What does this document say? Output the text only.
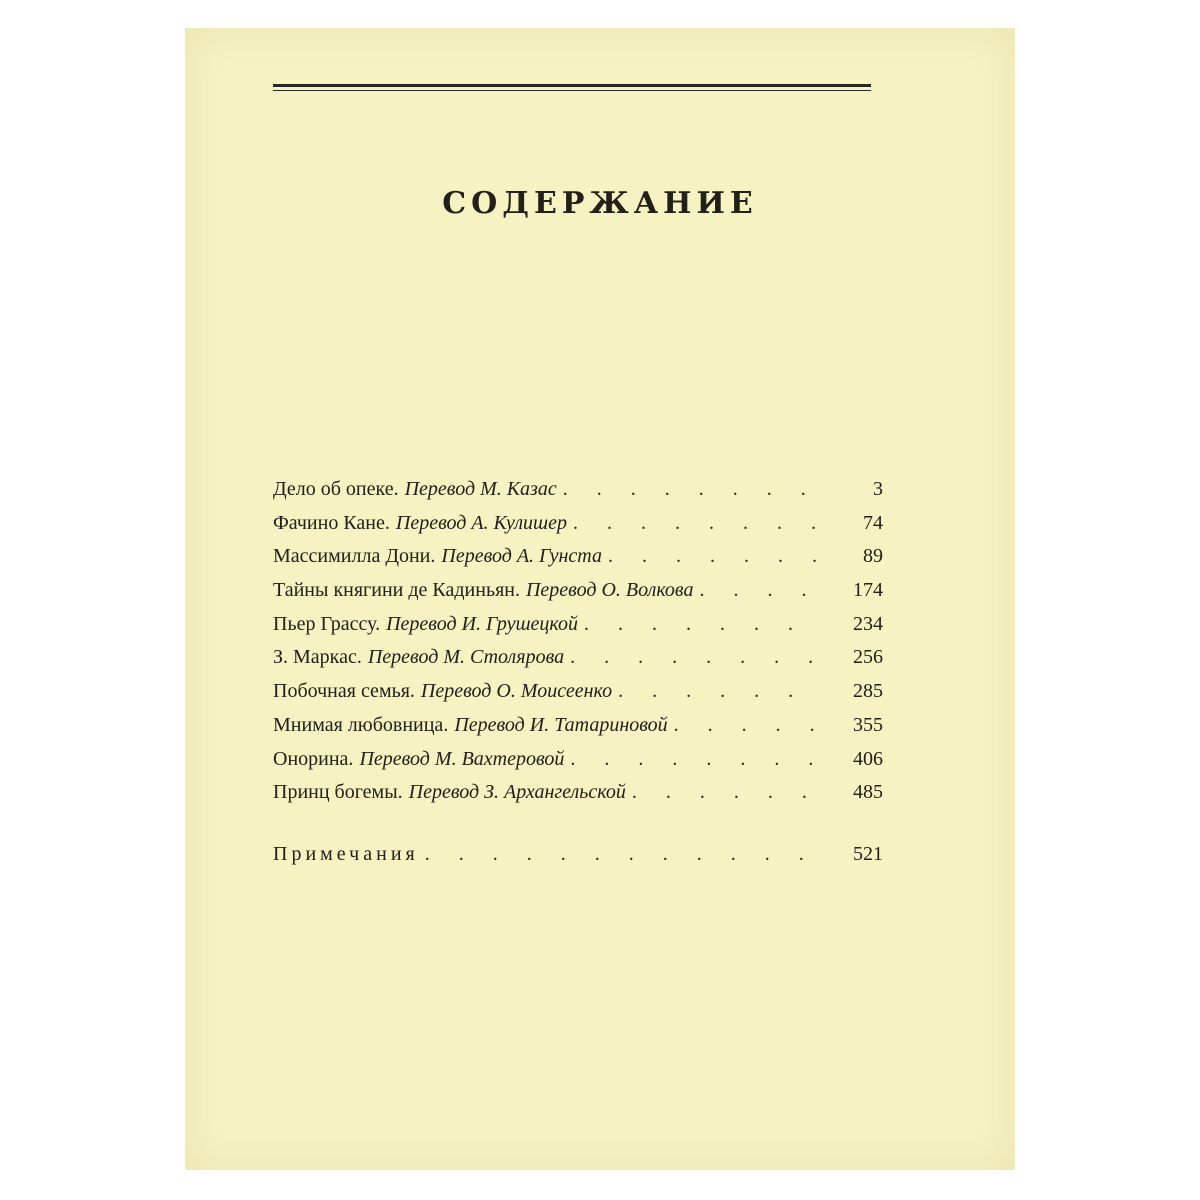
СОДЕРЖАНИЕ
Дело об опеке. Перевод М. Казас . . .	3
Фачино Кане. Перевод А. Кулишер . . .	74
Массимилла Дони. Перевод А. Гунста . . .	89
Тайны княгини де Кадиньян. Перевод О. Волкова . . .	174
Пьер Грассу. Перевод И. Грушецкой . . .	234
З. Маркас. Перевод М. Столярова . . .	256
Побочная семья. Перевод О. Моисеенко . . .	285
Мнимая любовница. Перевод И. Татариновой . . .	355
Онорина. Перевод М. Вахтеровой . . .	406
Принц богемы. Перевод З. Архангельской . . .	485
Примечания . . .	521
